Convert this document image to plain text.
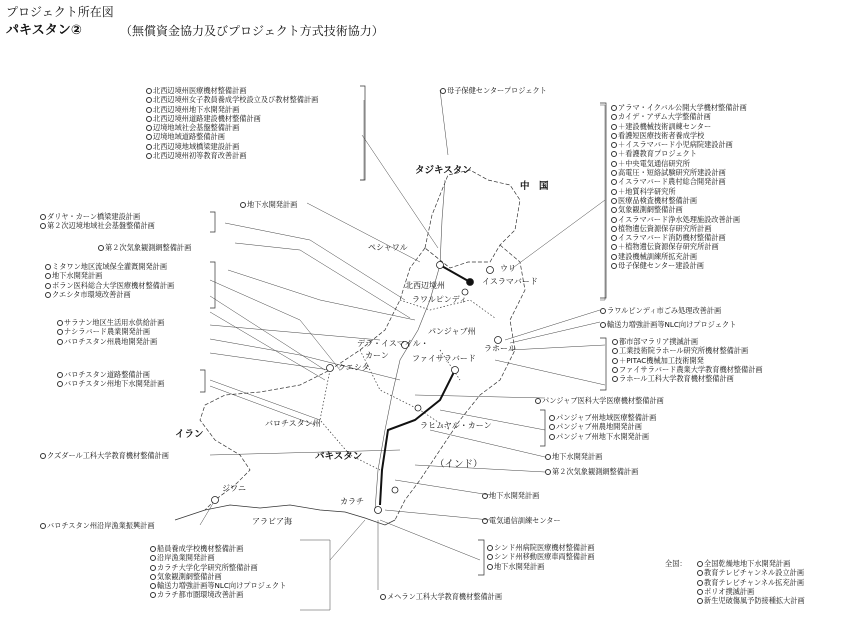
プロジェクト所在図
パキスタン②	（無償資金協力及びプロジェクト方式技術協力）
タジキスタン
中　国
イラン
パキスタン
（インド）
アラビア海
北西辺境州
パンジャブ州
バロチスタン州
ペシャワル
イスラマバード
ウリ
ラワルピンディ
デラ・イスマイル・
カーン	ファイサラバード
ラホール
クエシタ
ラヒムヤル・カーン
ジワニ
カラチ
北西辺境州医療機材整備計画
北西辺境州女子教員養成学校設立及び教材整備計画
北西辺境州地下水開発計画
北西辺境州道路建設機材整備計画
辺境地域社会基盤整備計画
辺境地域道路整備計画
北西辺境地域橋梁建設計画
北西辺境州初等教育改善計画
母子保健センタープロジェクト
アラマ・イクバル公開大学機材整備計画
カイデ・アザム大学整備計画
＋建設機械技術訓練センター
看護短医療技術者養成学校
＋イスラマバード小児病院建設計画
＋看護教育プロジェクト
＋中央電気通信研究所
高電圧・短絡試験研究所建設計画
イスラマバード農村総合開発計画
＋地質科学研究所
医療品検査機材整備計画
気象観測網整備計画
イスラマバード浄水処理施設改善計画
植物遺伝資源保存研究所計画
イスラマバード消防機材整備計画
＋植物遺伝資源保存研究所計画
建設機械訓練所拡充計画
母子保健センター建設計画
地下水開発計画
ダリヤ・カーン橋梁建設計画
第２次辺境地域社会基盤整備計画
第２次気象観測網整備計画
ミタワン地区流域保全灌漑開発計画
地下水開発計画
ボラン医科総合大学医療機材整備計画
クエシタ市環境改善計画
サラナン地区生活用水供給計画
ナシラバード農業開発計画
バロチスタン州農地開発計画
バロチスタン道路整備計画
バロチスタン州地下水開発計画
クズダール工科大学教育機材整備計画
バロチスタン州沿岸漁業振興計画
ラワルピンディ市ごみ処理改善計画
輸送力増強計画等NLC向けプロジェクト
都市部マラリア撲滅計画
工業技術院ラホール研究所機材整備計画
＋PITAC機械加工技術開発
ファイサラバード農業大学教育機材整備計画
ラホール工科大学教育機材整備計画
パンジャブ医科大学医療機材整備計画
パンジャブ州地域医療整備計画
パンジャブ州農地開発計画
パンジャブ州地下水開発計画
地下水開発計画
第２次気象観測網整備計画
地下水開発計画
電気通信訓練センター
シンド州病院医療機材整備計画
シンド州移動医療車両整備計画
地下水開発計画
メヘラン工科大学教育機材整備計画
船員養成学校機材整備計画
沿岸漁業開発計画
カラチ大学化学研究所整備計画
気象観測網整備計画
輸送力増強計画等NLC向けプロジェクト
カラチ都市圏環境改善計画
全国：	全国乾燥地地下水開発計画
教育テレビチャンネル設立計画
教育テレビチャンネル拡充計画
ポリオ撲滅計画
新生児破傷風予防接種拡大計画
